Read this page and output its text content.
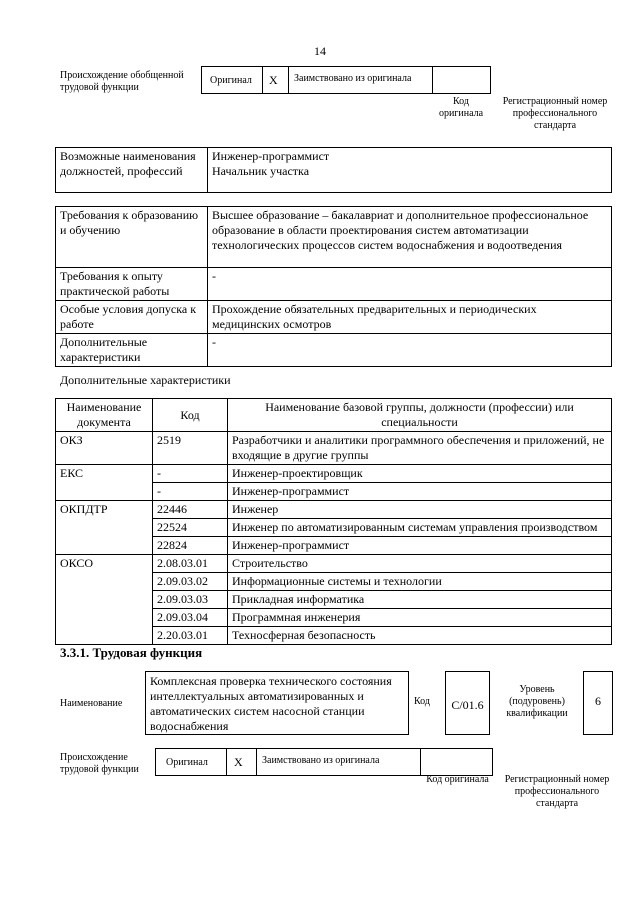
14
Происхождение обобщенной трудовой функции
Оригинал X Заимствовано из оригинала
Код оригинала
Регистрационный номер профессионального стандарта
Возможные наименования должностей, профессий	
Инженер-программист
Начальник участка
Требования к образованию и обучению	Высшее образование – бакалавриат и дополнительное профессиональное образование в области проектирования систем автоматизации технологических процессов систем водоснабжения и водоотведения
Требования к опыту практической работы	-
Особые условия допуска к работе	Прохождение обязательных предварительных и периодических медицинских осмотров
Дополнительные характеристики	-
Дополнительные характеристики
Наименование документа	Код	Наименование базовой группы, должности (профессии) или специальности
ОКЗ	2519	Разработчики и аналитики программного обеспечения и приложений, не входящие в другие группы
ЕКС	-	Инженер-проектировщик
	-	Инженер-программист
ОКПДТР	22446	Инженер
	22524	Инженер по автоматизированным системам управления производством
	22824	Инженер-программист
ОКСО	2.08.03.01	Строительство
	2.09.03.02	Информационные системы и технологии
	2.09.03.03	Прикладная информатика
	2.09.03.04	Программная инженерия
	2.20.03.01	Техносферная безопасность
3.3.1. Трудовая функция
Наименование
Комплексная проверка технического состояния интеллектуальных автоматизированных и автоматических систем насосной станции водоснабжения
Код	C/01.6
Уровень (подуровень) квалификации
6
Происхождение трудовой функции
Оригинал X Заимствовано из оригинала
Код оригинала	Регистрационный номер профессионального стандарта
